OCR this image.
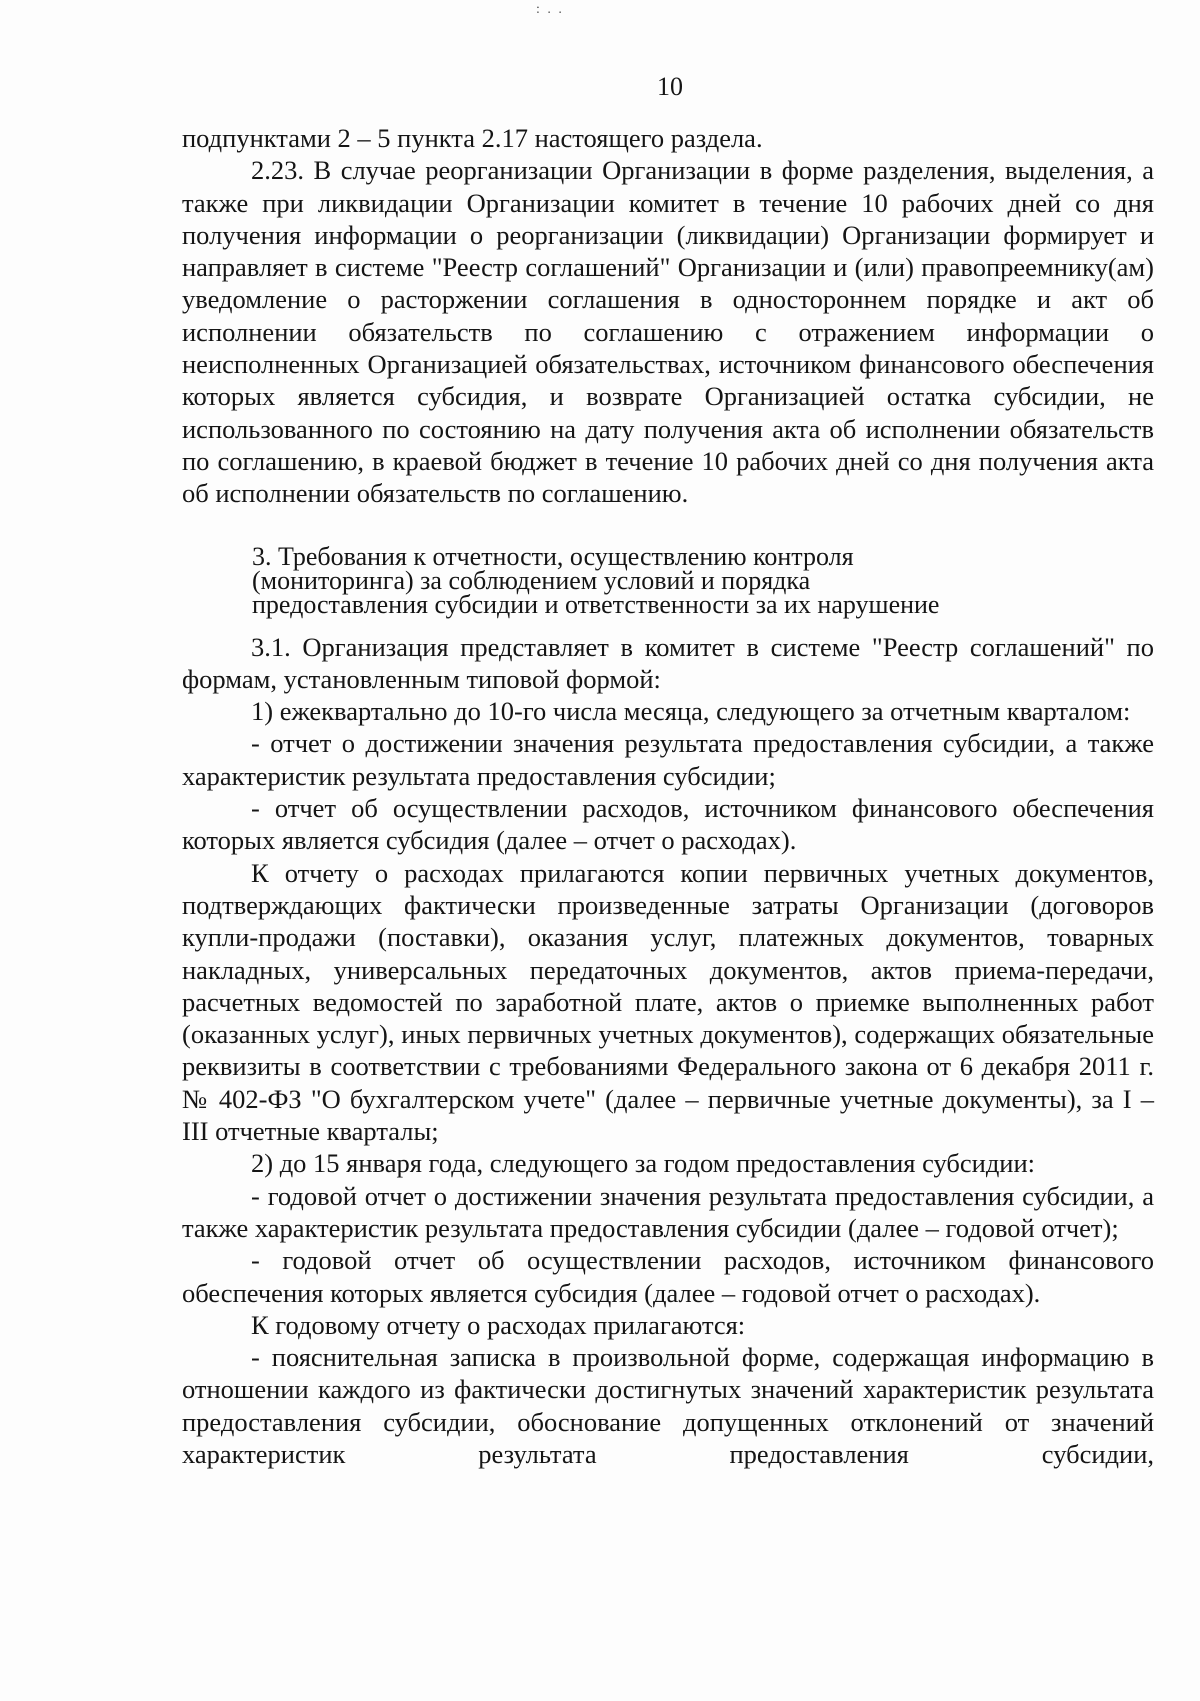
: . .
10

подпунктами 2 – 5 пункта 2.17 настоящего раздела.

2.23. В случае реорганизации Организации в форме разделения, выделения, а также при ликвидации Организации комитет в течение 10 рабочих дней со дня получения информации о реорганизации (ликвидации) Организации формирует и направляет в системе "Реестр соглашений" Организации и (или) правопреемнику(ам) уведомление о расторжении соглашения в одностороннем порядке и акт об исполнении обязательств по соглашению с отражением информации о неисполненных Организацией обязательствах, источником финансового обеспечения которых является субсидия, и возврате Организацией остатка субсидии, не использованного по состоянию на дату получения акта об исполнении обязательств по соглашению, в краевой бюджет в течение 10 рабочих дней со дня получения акта об исполнении обязательств по соглашению.

3. Требования к отчетности, осуществлению контроля
(мониторинга) за соблюдением условий и порядка
предоставления субсидии и ответственности за их нарушение

3.1. Организация представляет в комитет в системе "Реестр соглашений" по формам, установленным типовой формой:

1) ежеквартально до 10-го числа месяца, следующего за отчетным кварталом:

- отчет о достижении значения результата предоставления субсидии, а также характеристик результата предоставления субсидии;

- отчет об осуществлении расходов, источником финансового обеспечения которых является субсидия (далее – отчет о расходах).

К отчету о расходах прилагаются копии первичных учетных документов, подтверждающих фактически произведенные затраты Организации (договоров купли-продажи (поставки), оказания услуг, платежных документов, товарных накладных, универсальных передаточных документов, актов приема-передачи, расчетных ведомостей по заработной плате, актов о приемке выполненных работ (оказанных услуг), иных первичных учетных документов), содержащих обязательные реквизиты в соответствии с требованиями Федерального закона от 6 декабря 2011 г. № 402-ФЗ "О бухгалтерском учете" (далее – первичные учетные документы), за I – III отчетные кварталы;

2) до 15 января года, следующего за годом предоставления субсидии:

- годовой отчет о достижении значения результата предоставления субсидии, а также характеристик результата предоставления субсидии (далее – годовой отчет);

- годовой отчет об осуществлении расходов, источником финансового обеспечения которых является субсидия (далее – годовой отчет о расходах).

К годовому отчету о расходах прилагаются:

- пояснительная записка в произвольной форме, содержащая информацию в отношении каждого из фактически достигнутых значений характеристик результата предоставления субсидии, обоснование допущенных отклонений от значений характеристик результата предоставления субсидии,
